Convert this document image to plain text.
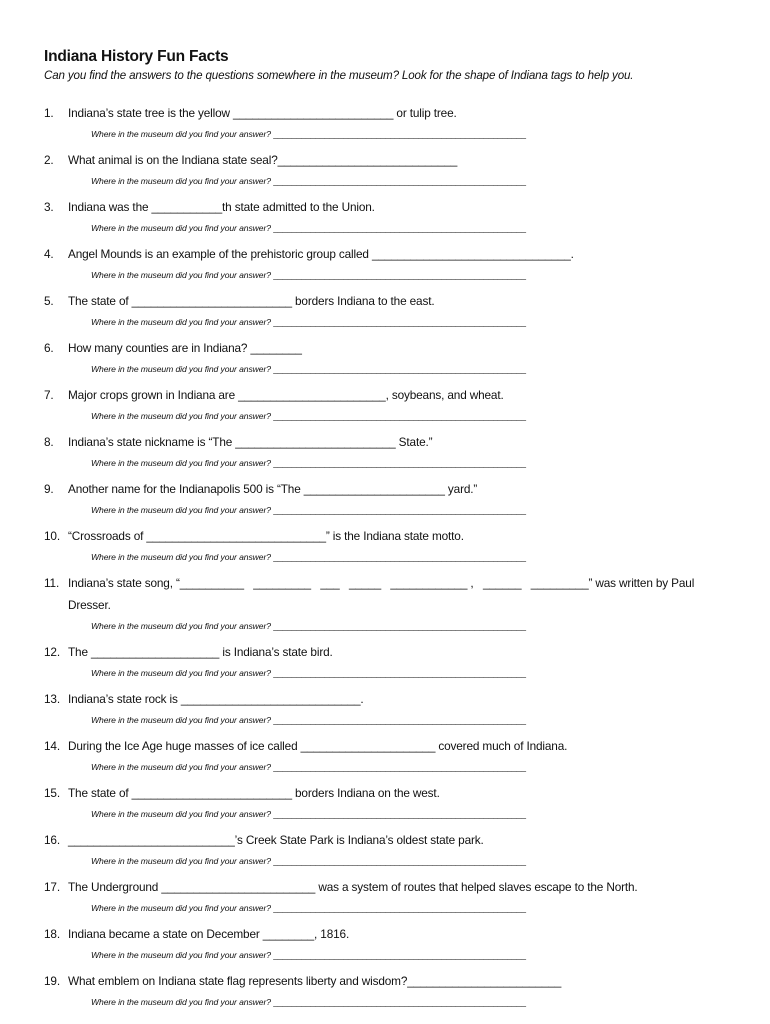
Indiana History Fun Facts

Can you find the answers to the questions somewhere in the museum? Look for the shape of Indiana tags to help you.

1.	Indiana’s state tree is the yellow _________________________ or tulip tree.
Where in the museum did you find your answer? ______________________________________________________
2.	What animal is on the Indiana state seal?____________________________
Where in the museum did you find your answer? ______________________________________________________
3.	Indiana was the ___________th state admitted to the Union.
Where in the museum did you find your answer? ______________________________________________________
4.	Angel Mounds is an example of the prehistoric group called _______________________________.
Where in the museum did you find your answer? ______________________________________________________
5.	The state of _________________________ borders Indiana to the east.
Where in the museum did you find your answer? ______________________________________________________
6.	How many counties are in Indiana? ________
Where in the museum did you find your answer? ______________________________________________________
7.	Major crops grown in Indiana are _______________________, soybeans, and wheat.
Where in the museum did you find your answer? ______________________________________________________
8.	Indiana’s state nickname is “The _________________________ State.”
Where in the museum did you find your answer? ______________________________________________________
9.	Another name for the Indianapolis 500 is “The ______________________ yard.”
Where in the museum did you find your answer? ______________________________________________________
10. “Crossroads of ____________________________” is the Indiana state motto.
Where in the museum did you find your answer? ______________________________________________________
11. Indiana’s state song, “__________   _________   ___   _____   ____________ ,   ______   _________” was written by Paul Dresser.
Where in the museum did you find your answer? ______________________________________________________
12. The ____________________ is Indiana’s state bird.
Where in the museum did you find your answer? ______________________________________________________
13. Indiana’s state rock is ____________________________.
Where in the museum did you find your answer? ______________________________________________________
14. During the Ice Age huge masses of ice called _____________________ covered much of Indiana.
Where in the museum did you find your answer? ______________________________________________________
15. The state of _________________________ borders Indiana on the west.
Where in the museum did you find your answer? ______________________________________________________
16. __________________________’s Creek State Park is Indiana’s oldest state park.
Where in the museum did you find your answer? ______________________________________________________
17. The Underground ________________________ was a system of routes that helped slaves escape to the North.
Where in the museum did you find your answer? ______________________________________________________
18. Indiana became a state on December ________, 1816.
Where in the museum did you find your answer? ______________________________________________________
19. What emblem on Indiana state flag represents liberty and wisdom?________________________
Where in the museum did you find your answer? ______________________________________________________
